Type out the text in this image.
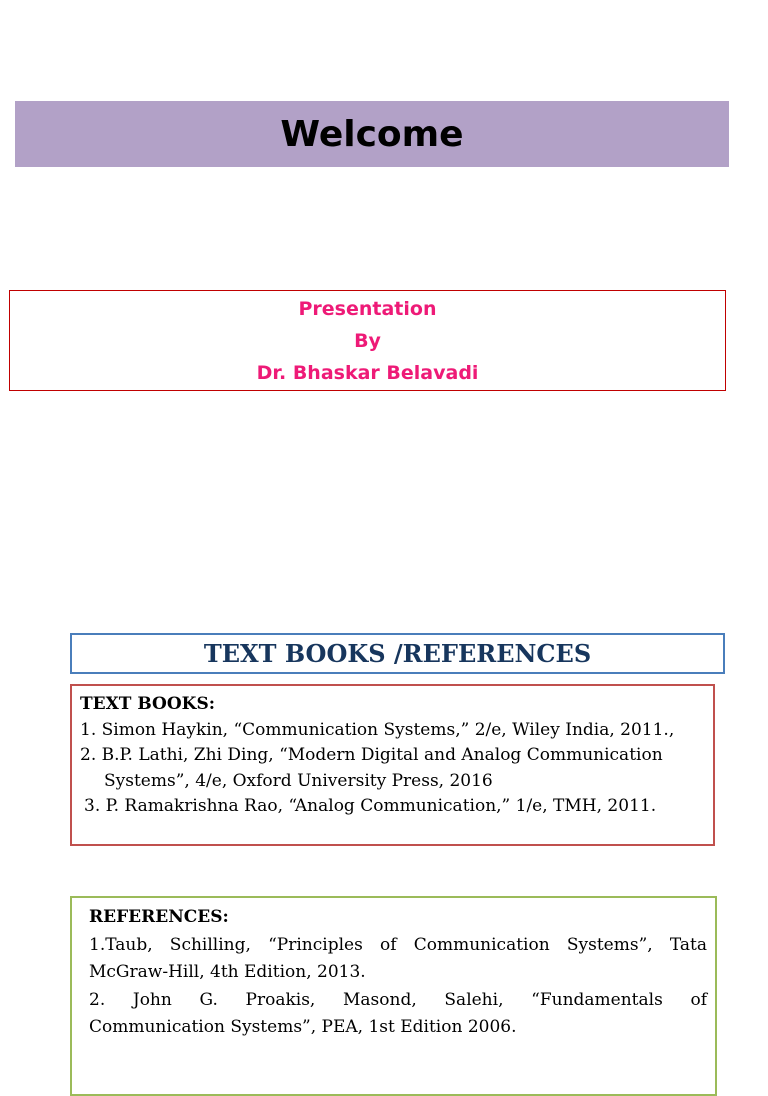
Welcome
Presentation
By
Dr. Bhaskar Belavadi
TEXT BOOKS /REFERENCES
TEXT BOOKS:
1. Simon Haykin, “Communication Systems,” 2/e, Wiley India, 2011.,
2. B.P. Lathi, Zhi Ding, “Modern Digital and Analog Communication
Systems”, 4/e, Oxford University Press, 2016
3. P. Ramakrishna Rao, “Analog Communication,” 1/e, TMH, 2011.
REFERENCES:
1.Taub, Schilling, “Principles of Communication Systems”, Tata
McGraw-Hill, 4th Edition, 2013.
2. John G. Proakis, Masond, Salehi, “Fundamentals of
Communication Systems”, PEA, 1st Edition 2006.
